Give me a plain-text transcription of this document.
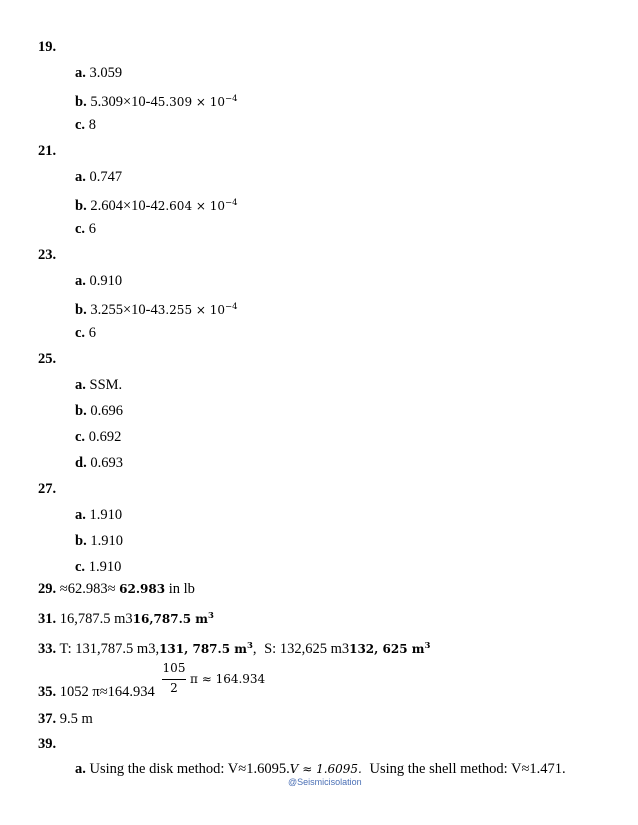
19.
a. 3.059
b. $5.309\times 10-45.309 \times 10^{-4}$
c. 8
21.
a. 0.747
b. $2.604\times 10-42.604 \times 10^{-4}$
c. 6
23.
a. 0.910
b. $3.255\times 10-43.255 \times 10^{-4}$
c. 6
25.
a. SSM.
b. 0.696
c. 0.692
d. 0.693
27.
a. 1.910
b. 1.910
c. 1.910
29. ≈62.983≈ 62.983 in lb
31. 16,787.5 m316,787.5 $m^3$
33. T: 131,787.5 m3,131, 787.5 $m^3$, S: 132,625 m3132, 625 $m^3$
35. 1052 π≈164.934
105
2
π ≈ 164.934
37. 9.5 m
39.
a. Using the disk method: V≈1.6095.V ≈ 1.6095. Using the shell method: V≈1.471.
@Seismicisolation
